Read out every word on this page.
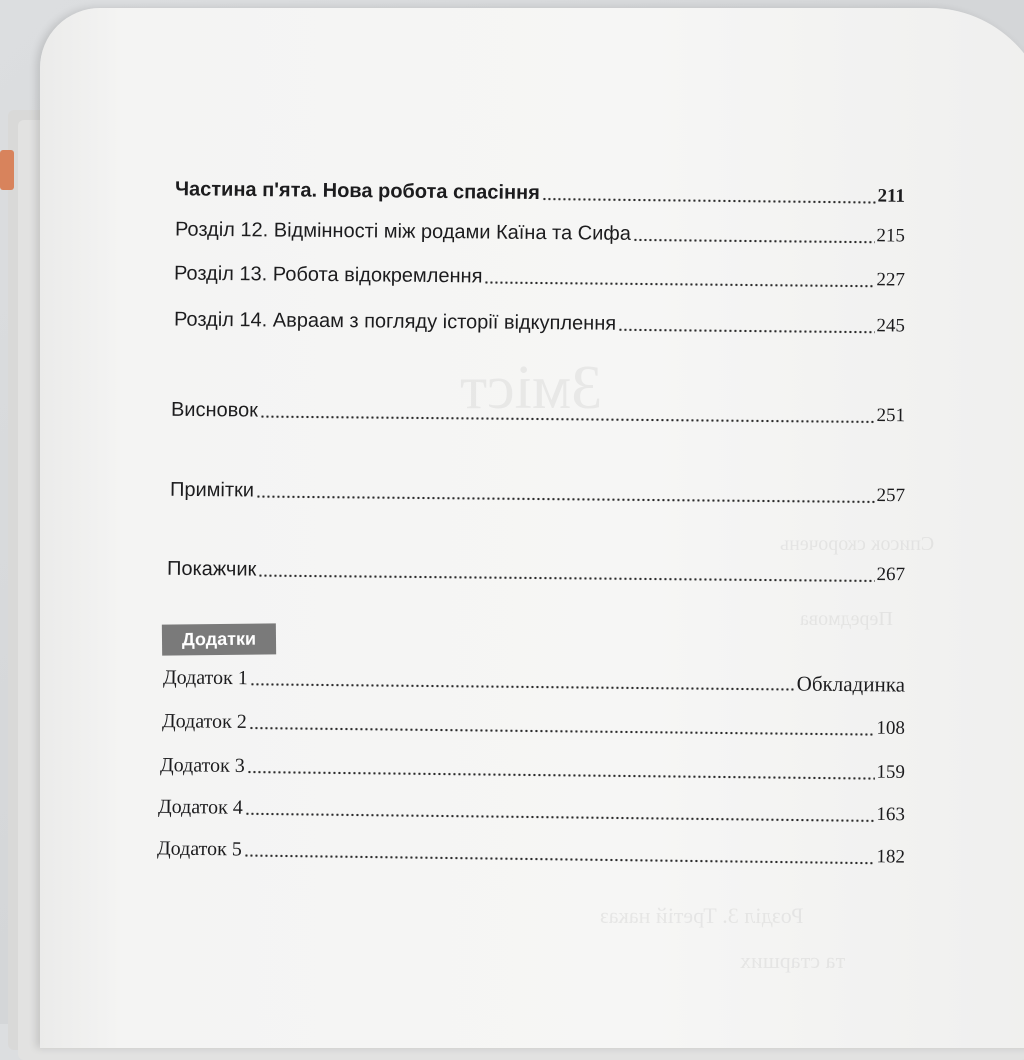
Зміст
Список скорочень
Передмова
Розділ 3. Третій наказ
та старших
Частина п'ята. Нова робота спасіння	211
Розділ 12. Відмінності між родами Каїна та Сифа	215
Розділ 13. Робота відокремлення	227
Розділ 14. Авраам з погляду історії відкуплення	245
Висновок	251
Примітки	257
Покажчик	267
Додатки
Додаток 1	Обкладинка
Додаток 2	108
Додаток 3	159
Додаток 4	163
Додаток 5	182
